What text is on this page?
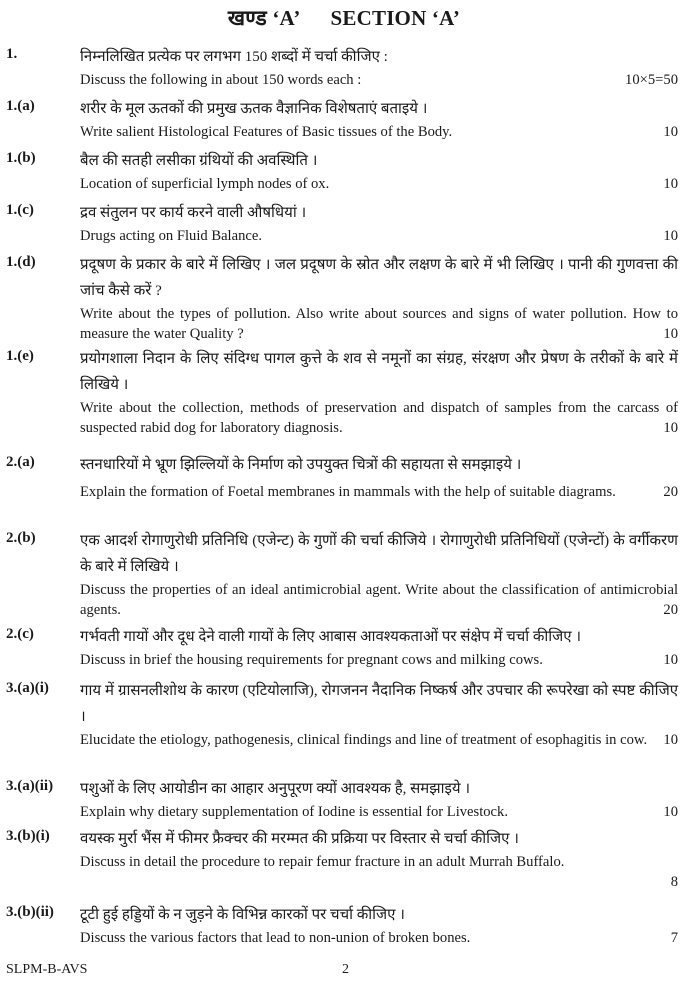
खण्ड ‘A’ SECTION ‘A’
1.	निम्नलिखित प्रत्येक पर लगभग 150 शब्दों में चर्चा कीजिए :
Discuss the following in about 150 words each :	10×5=50
1.(a)	शरीर के मूल ऊतकों की प्रमुख ऊतक वैज्ञानिक विशेषताएं बताइये ।
Write salient Histological Features of Basic tissues of the Body.	10
1.(b)	बैल की सतही लसीका ग्रंथियों की अवस्थिति ।
Location of superficial lymph nodes of ox.	10
1.(c)	द्रव संतुलन पर कार्य करने वाली औषधियां ।
Drugs acting on Fluid Balance.	10
1.(d)	प्रदूषण के प्रकार के बारे में लिखिए । जल प्रदूषण के स्रोत और लक्षण के बारे में भी लिखिए । पानी की गुणवत्ता की जांच कैसे करें ?
Write about the types of pollution. Also write about sources and signs of water pollution. How to measure the water Quality ?	10
1.(e)	प्रयोगशाला निदान के लिए संदिग्ध पागल कुत्ते के शव से नमूनों का संग्रह, संरक्षण और प्रेषण के तरीकों के बारे में लिखिये ।
Write about the collection, methods of preservation and dispatch of samples from the carcass of suspected rabid dog for laboratory diagnosis.	10
2.(a)	स्तनधारियों मे भ्रूण झिल्लियों के निर्माण को उपयुक्त चित्रों की सहायता से समझाइये ।
Explain the formation of Foetal membranes in mammals with the help of suitable diagrams.	20
2.(b)	एक आदर्श रोगाणुरोधी प्रतिनिधि (एजेन्ट) के गुणों की चर्चा कीजिये । रोगाणुरोधी प्रतिनिधियों (एजेन्टों) के वर्गीकरण के बारे में लिखिये ।
Discuss the properties of an ideal antimicrobial agent. Write about the classification of antimicrobial agents.	20
2.(c)	गर्भवती गायों और दूध देने वाली गायों के लिए आबास आवश्यकताओं पर संक्षेप में चर्चा कीजिए ।
Discuss in brief the housing requirements for pregnant cows and milking cows.	10
3.(a)(i) गाय में ग्रासनलीशोथ के कारण (एटियोलाजि), रोगजनन नैदानिक निष्कर्ष और उपचार की रूपरेखा को स्पष्ट कीजिए ।
Elucidate the etiology, pathogenesis, clinical findings and line of treatment of esophagitis in cow.	10
3.(a)(ii) पशुओं के लिए आयोडीन का आहार अनुपूरण क्यों आवश्यक है, समझाइये ।
Explain why dietary supplementation of Iodine is essential for Livestock.	10
3.(b)(i) वयस्क मुर्रा भैंस में फीमर फ्रैक्चर की मरम्मत की प्रक्रिया पर विस्तार से चर्चा कीजिए ।
Discuss in detail the procedure to repair femur fracture in an adult Murrah Buffalo.
8
3.(b)(ii) टूटी हुई हड्डियों के न जुड़ने के विभिन्न कारकों पर चर्चा कीजिए ।
Discuss the various factors that lead to non-union of broken bones.	7
SLPM-B-AVS	2
